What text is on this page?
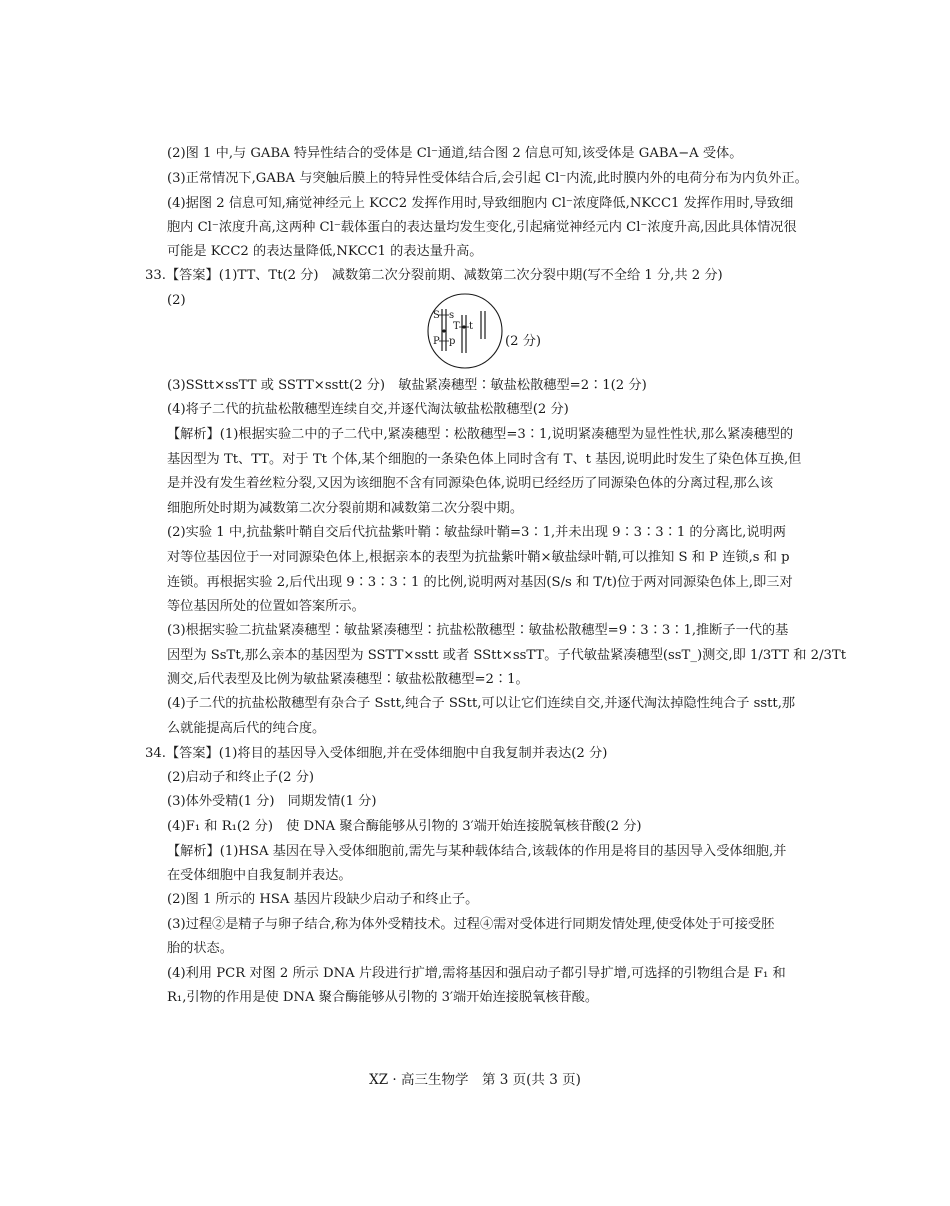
(2)图 1 中,与 GABA 特异性结合的受体是 Cl⁻通道,结合图 2 信息可知,该受体是 GABA−A 受体。
(3)正常情况下,GABA 与突触后膜上的特异性受体结合后,会引起 Cl⁻内流,此时膜内外的电荷分布为内负外正。
(4)据图 2 信息可知,痛觉神经元上 KCC2 发挥作用时,导致细胞内 Cl⁻浓度降低,NKCC1 发挥作用时,导致细
胞内 Cl⁻浓度升高,这两种 Cl⁻载体蛋白的表达量均发生变化,引起痛觉神经元内 Cl⁻浓度升高,因此具体情况很
可能是 KCC2 的表达量降低,NKCC1 的表达量升高。
33.【答案】(1)TT、Tt(2 分)　减数第二次分裂前期、减数第二次分裂中期(写不全给 1 分,共 2 分)
(2)
S s
P p
T t
(2 分)
(3)SStt×ssTT 或 SSTT×sstt(2 分)　敏盐紧凑穗型∶敏盐松散穗型=2∶1(2 分)
(4)将子二代的抗盐松散穗型连续自交,并逐代淘汰敏盐松散穗型(2 分)
【解析】(1)根据实验二中的子二代中,紧凑穗型∶松散穗型=3∶1,说明紧凑穗型为显性性状,那么紧凑穗型的
基因型为 Tt、TT。对于 Tt 个体,某个细胞的一条染色体上同时含有 T、t 基因,说明此时发生了染色体互换,但
是并没有发生着丝粒分裂,又因为该细胞不含有同源染色体,说明已经经历了同源染色体的分离过程,那么该
细胞所处时期为减数第二次分裂前期和减数第二次分裂中期。
(2)实验 1 中,抗盐紫叶鞘自交后代抗盐紫叶鞘∶敏盐绿叶鞘=3∶1,并未出现 9∶3∶3∶1 的分离比,说明两
对等位基因位于一对同源染色体上,根据亲本的表型为抗盐紫叶鞘×敏盐绿叶鞘,可以推知 S 和 P 连锁,s 和 p
连锁。再根据实验 2,后代出现 9∶3∶3∶1 的比例,说明两对基因(S/s 和 T/t)位于两对同源染色体上,即三对
等位基因所处的位置如答案所示。
(3)根据实验二抗盐紧凑穗型∶敏盐紧凑穗型∶抗盐松散穗型∶敏盐松散穗型=9∶3∶3∶1,推断子一代的基
因型为 SsTt,那么亲本的基因型为 SSTT×sstt 或者 SStt×ssTT。子代敏盐紧凑穗型(ssT_)测交,即 1/3TT 和 2/3Tt
测交,后代表型及比例为敏盐紧凑穗型∶敏盐松散穗型=2∶1。
(4)子二代的抗盐松散穗型有杂合子 Sstt,纯合子 SStt,可以让它们连续自交,并逐代淘汰掉隐性纯合子 sstt,那
么就能提高后代的纯合度。
34.【答案】(1)将目的基因导入受体细胞,并在受体细胞中自我复制并表达(2 分)
(2)启动子和终止子(2 分)
(3)体外受精(1 分)　同期发情(1 分)
(4)F₁ 和 R₁(2 分)　使 DNA 聚合酶能够从引物的 3′端开始连接脱氧核苷酸(2 分)
【解析】(1)HSA 基因在导入受体细胞前,需先与某种载体结合,该载体的作用是将目的基因导入受体细胞,并
在受体细胞中自我复制并表达。
(2)图 1 所示的 HSA 基因片段缺少启动子和终止子。
(3)过程②是精子与卵子结合,称为体外受精技术。过程④需对受体进行同期发情处理,使受体处于可接受胚
胎的状态。
(4)利用 PCR 对图 2 所示 DNA 片段进行扩增,需将基因和强启动子都引导扩增,可选择的引物组合是 F₁ 和
R₁,引物的作用是使 DNA 聚合酶能够从引物的 3′端开始连接脱氧核苷酸。
XZ · 高三生物学　第 3 页(共 3 页)
